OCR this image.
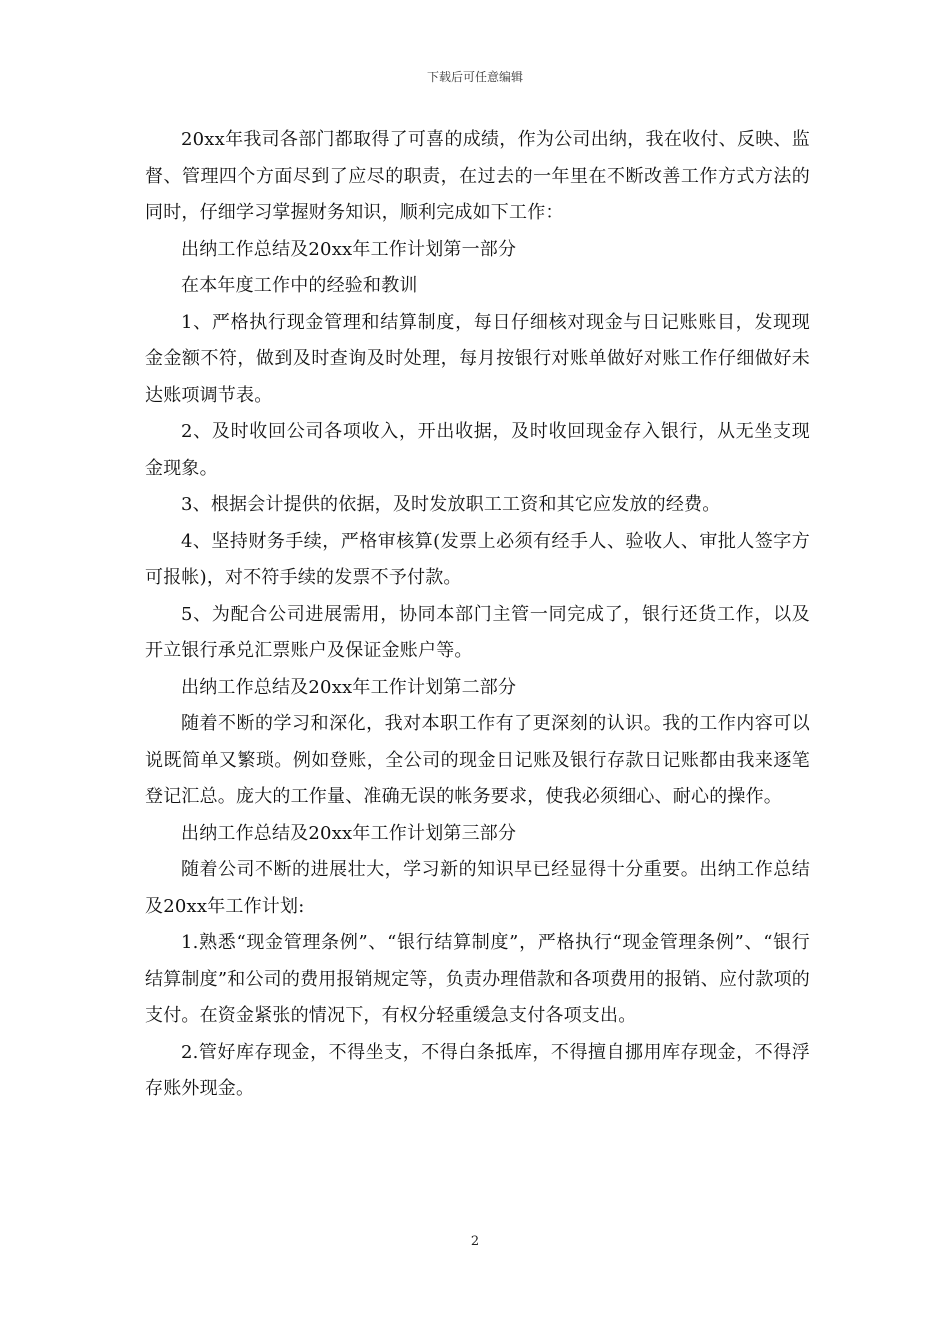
下载后可任意编辑

20xx年我司各部门都取得了可喜的成绩，作为公司出纳，我在收付、反映、监督、管理四个方面尽到了应尽的职责，在过去的一年里在不断改善工作方式方法的同时，仔细学习掌握财务知识，顺利完成如下工作：

出纳工作总结及20xx年工作计划第一部分

在本年度工作中的经验和教训

1、严格执行现金管理和结算制度，每日仔细核对现金与日记账账目，发现现金金额不符，做到及时查询及时处理，每月按银行对账单做好对账工作仔细做好未达账项调节表。

2、及时收回公司各项收入，开出收据，及时收回现金存入银行，从无坐支现金现象。

3、根据会计提供的依据，及时发放职工工资和其它应发放的经费。

4、坚持财务手续，严格审核算(发票上必须有经手人、验收人、审批人签字方可报帐)，对不符手续的发票不予付款。

5、为配合公司进展需用，协同本部门主管一同完成了，银行还货工作，以及开立银行承兑汇票账户及保证金账户等。

出纳工作总结及20xx年工作计划第二部分

随着不断的学习和深化，我对本职工作有了更深刻的认识。我的工作内容可以说既简单又繁琐。例如登账，全公司的现金日记账及银行存款日记账都由我来逐笔登记汇总。庞大的工作量、准确无误的帐务要求，使我必须细心、耐心的操作。

出纳工作总结及20xx年工作计划第三部分

随着公司不断的进展壮大，学习新的知识早已经显得十分重要。出纳工作总结及20xx年工作计划:

1.熟悉“现金管理条例”、“银行结算制度”，严格执行“现金管理条例”、“银行结算制度”和公司的费用报销规定等，负责办理借款和各项费用的报销、应付款项的支付。在资金紧张的情况下，有权分轻重缓急支付各项支出。

2.管好库存现金，不得坐支，不得白条抵库，不得擅自挪用库存现金，不得浮存账外现金。

2
